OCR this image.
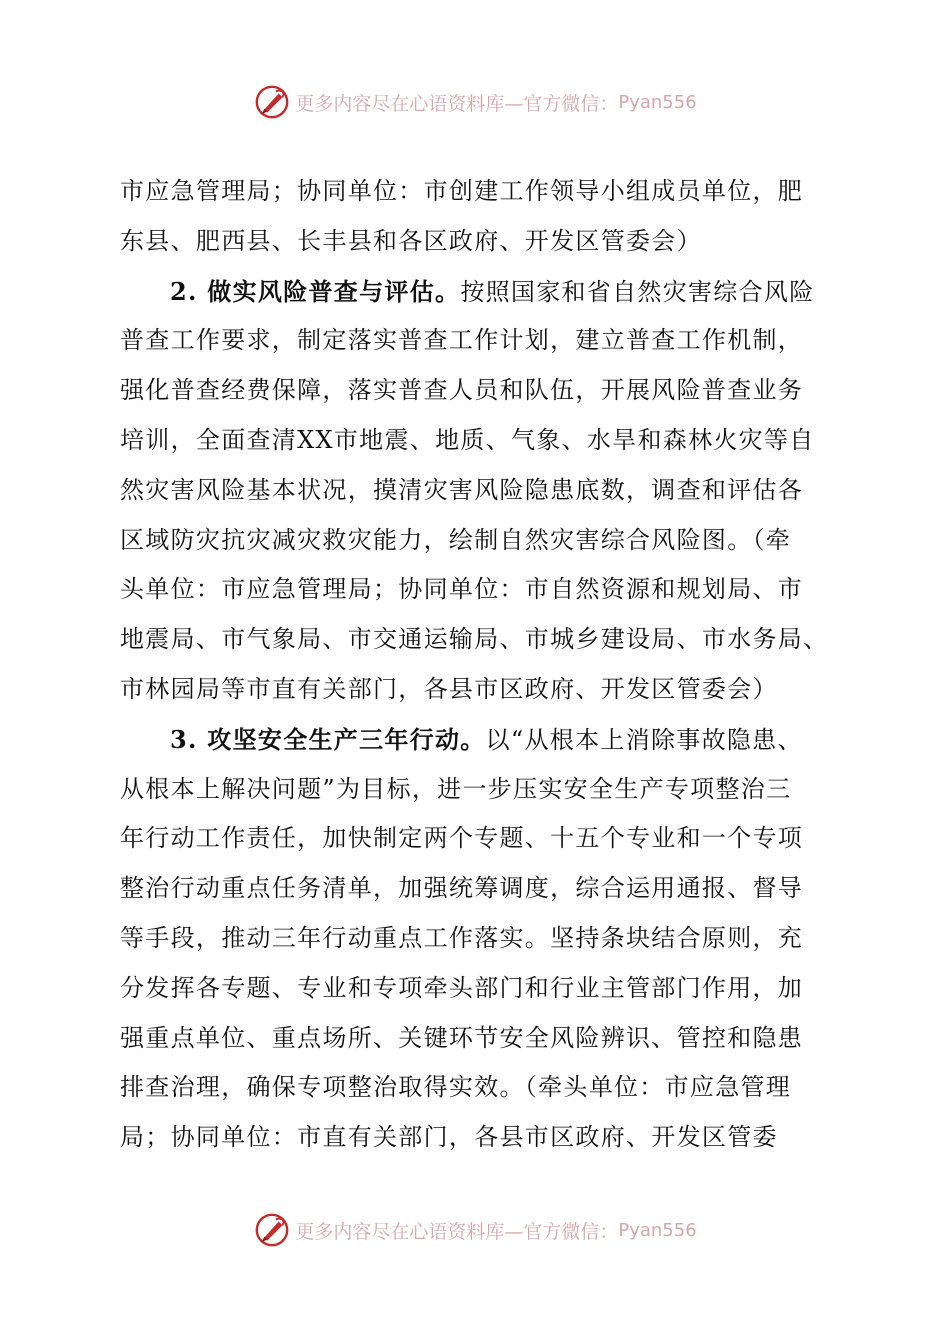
更多内容尽在心语资料库—官方微信： Pyan556
市应急管理局；协同单位：市创建工作领导小组成员单位，肥
东县、肥西县、长丰县和各区政府、开发区管委会）
2. 做实风险普查与评估。按照国家和省自然灾害综合风险
普查工作要求，制定落实普查工作计划，建立普查工作机制，
强化普查经费保障，落实普查人员和队伍，开展风险普查业务
培训，全面查清XX市地震、地质、气象、水旱和森林火灾等自
然灾害风险基本状况，摸清灾害风险隐患底数，调查和评估各
区域防灾抗灾减灾救灾能力，绘制自然灾害综合风险图。（牵
头单位：市应急管理局；协同单位：市自然资源和规划局、市
地震局、市气象局、市交通运输局、市城乡建设局、市水务局、
市林园局等市直有关部门，各县市区政府、开发区管委会）
3. 攻坚安全生产三年行动。以“从根本上消除事故隐患、
从根本上解决问题”为目标，进一步压实安全生产专项整治三
年行动工作责任，加快制定两个专题、十五个专业和一个专项
整治行动重点任务清单，加强统筹调度，综合运用通报、督导
等手段，推动三年行动重点工作落实。坚持条块结合原则，充
分发挥各专题、专业和专项牵头部门和行业主管部门作用，加
强重点单位、重点场所、关键环节安全风险辨识、管控和隐患
排查治理，确保专项整治取得实效。（牵头单位：市应急管理
局；协同单位：市直有关部门，各县市区政府、开发区管委
更多内容尽在心语资料库—官方微信： Pyan556
